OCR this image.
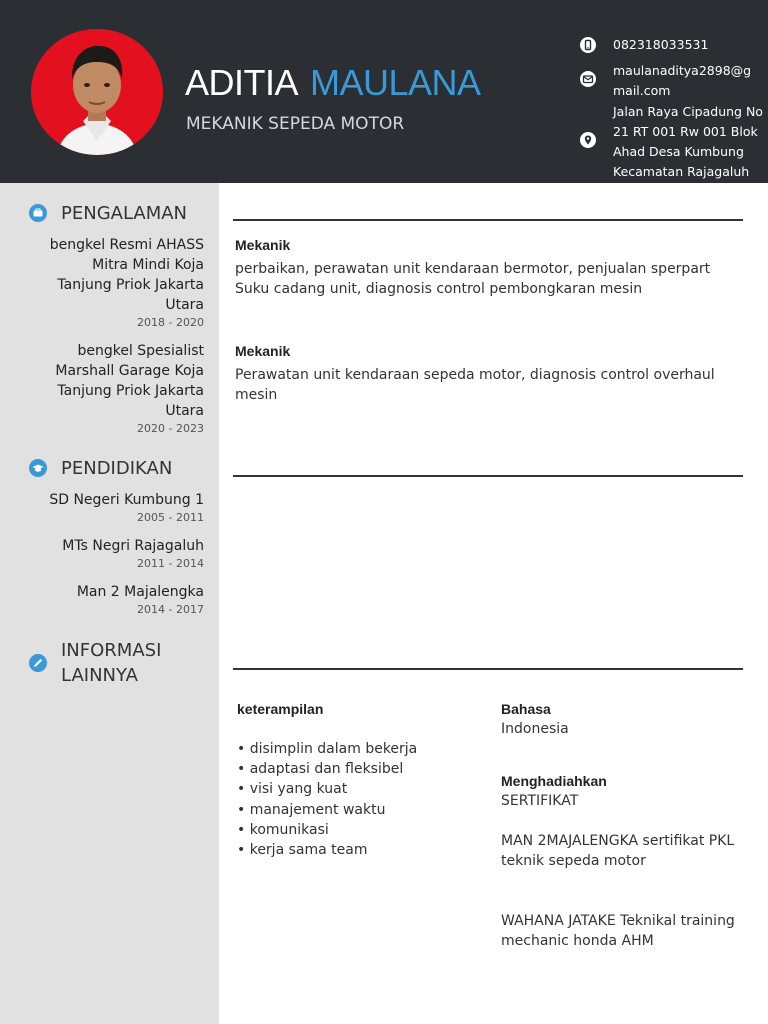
ADITIA MAULANA
MEKANIK SEPEDA MOTOR
082318033531
maulanaditya2898@gmail.com
Jalan Raya Cipadung No 21 RT 001 Rw 001 Blok Ahad Desa Kumbung Kecamatan Rajagaluh
PENGALAMAN
bengkel Resmi AHASS Mitra Mindi Koja Tanjung Priok Jakarta Utara
2018 - 2020
bengkel Spesialist Marshall Garage Koja Tanjung Priok Jakarta Utara
2020 - 2023
PENDIDIKAN
SD Negeri Kumbung 1
2005 - 2011
MTs Negri Rajagaluh
2011 - 2014
Man 2 Majalengka
2014 - 2017
INFORMASI
LAINNYA
Mekanik
perbaikan, perawatan unit kendaraan bermotor, penjualan sperpart Suku cadang unit, diagnosis control pembongkaran mesin
Mekanik
Perawatan unit kendaraan sepeda motor, diagnosis control overhaul mesin
keterampilan
• disimplin dalam bekerja
• adaptasi dan fleksibel
• visi yang kuat
• manajement waktu
• komunikasi
• kerja sama team
Bahasa
Indonesia
Menghadiahkan
SERTIFIKAT
MAN 2MAJALENGKA sertifikat PKL teknik sepeda motor
WAHANA JATAKE Teknikal training mechanic honda AHM
